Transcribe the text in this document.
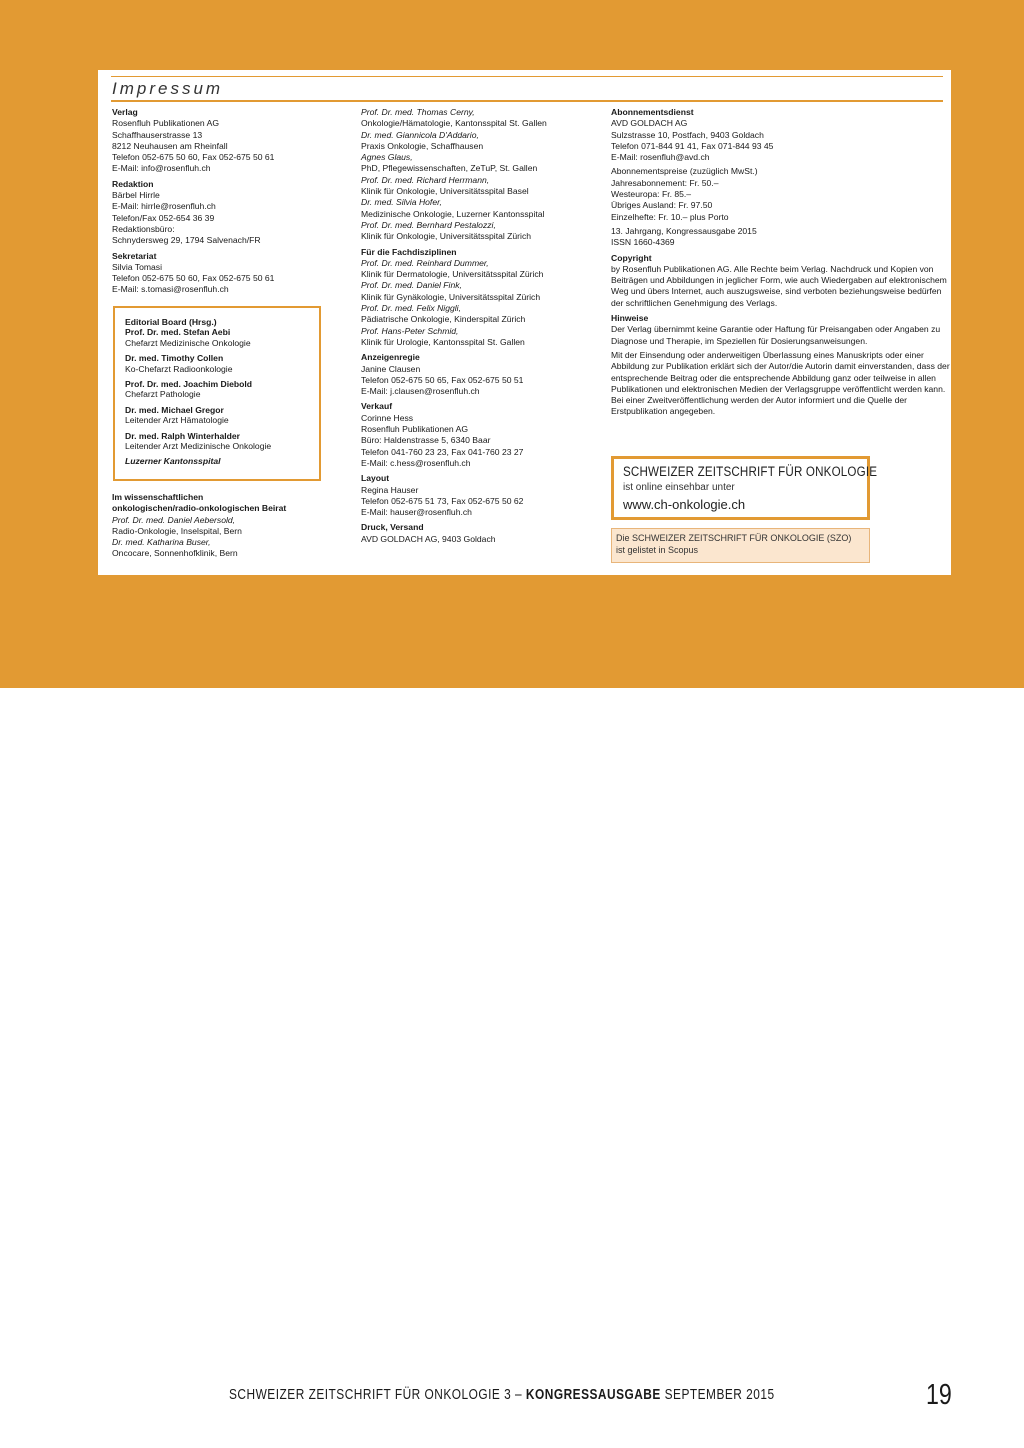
Impressum

Verlag

Rosenfluh Publikationen AG

Schaffhauserstrasse 13

8212 Neuhausen am Rheinfall

Telefon 052-675 50 60, Fax 052-675 50 61

E-Mail: info@rosenfluh.ch

Redaktion

Bärbel Hirrle

E-Mail: hirrle@rosenfluh.ch

Telefon/Fax 052-654 36 39

Redaktionsbüro:

Schnydersweg 29, 1794 Salvenach/FR

Sekretariat

Silvia Tomasi

Telefon 052-675 50 60, Fax 052-675 50 61

E-Mail: s.tomasi@rosenfluh.ch

Editorial Board (Hrsg.)

Prof. Dr. med. Stefan Aebi

Chefarzt Medizinische Onkologie

Dr. med. Timothy Collen

Ko-Chefarzt Radioonkologie

Prof. Dr. med. Joachim Diebold

Chefarzt Pathologie

Dr. med. Michael Gregor

Leitender Arzt Hämatologie

Dr. med. Ralph Winterhalder

Leitender Arzt Medizinische Onkologie

Luzerner Kantonsspital

Im wissenschaftlichen

onkologischen/radio-onkologischen Beirat

Prof. Dr. med. Daniel Aebersold,

Radio-Onkologie, Inselspital, Bern

Dr. med. Katharina Buser,

Oncocare, Sonnenhofklinik, Bern

Prof. Dr. med. Thomas Cerny,

Onkologie/Hämatologie, Kantonsspital St. Gallen

Dr. med. Giannicola D'Addario,

Praxis Onkologie, Schaffhausen

Agnes Glaus,

PhD, Pflegewissenschaften, ZeTuP, St. Gallen

Prof. Dr. med. Richard Herrmann,

Klinik für Onkologie, Universitätsspital Basel

Dr. med. Silvia Hofer,

Medizinische Onkologie, Luzerner Kantonsspital

Prof. Dr. med. Bernhard Pestalozzi,

Klinik für Onkologie, Universitätsspital Zürich

Für die Fachdisziplinen

Prof. Dr. med. Reinhard Dummer,

Klinik für Dermatologie, Universitätsspital Zürich

Prof. Dr. med. Daniel Fink,

Klinik für Gynäkologie, Universitätsspital Zürich

Prof. Dr. med. Felix Niggli,

Pädiatrische Onkologie, Kinderspital Zürich

Prof. Hans-Peter Schmid,

Klinik für Urologie, Kantonsspital St. Gallen

Anzeigenregie

Janine Clausen

Telefon 052-675 50 65, Fax 052-675 50 51

E-Mail: j.clausen@rosenfluh.ch

Verkauf

Corinne Hess

Rosenfluh Publikationen AG

Büro: Haldenstrasse 5, 6340 Baar

Telefon 041-760 23 23, Fax 041-760 23 27

E-Mail: c.hess@rosenfluh.ch

Layout

Regina Hauser

Telefon 052-675 51 73, Fax 052-675 50 62

E-Mail: hauser@rosenfluh.ch

Druck, Versand

AVD GOLDACH AG, 9403 Goldach

Abonnementsdienst

AVD GOLDACH AG

Sulzstrasse 10, Postfach, 9403 Goldach

Telefon 071-844 91 41, Fax 071-844 93 45

E-Mail: rosenfluh@avd.ch

Abonnementspreise (zuzüglich MwSt.)

Jahresabonnement: Fr. 50.–

Westeuropa: Fr. 85.–

Übriges Ausland: Fr. 97.50

Einzelhefte: Fr. 10.– plus Porto

13. Jahrgang, Kongressausgabe 2015

ISSN 1660-4369

Copyright

by Rosenfluh Publikationen AG. Alle Rechte beim Verlag. Nachdruck und Kopien von Beiträgen und Abbildungen in jeglicher Form, wie auch Wiedergaben auf elektronischem Weg und übers Internet, auch auszugsweise, sind verboten beziehungsweise bedürfen der schriftlichen Genehmigung des Verlags.

Hinweise

Der Verlag übernimmt keine Garantie oder Haftung für Preisangaben oder Angaben zu Diagnose und Therapie, im Speziellen für Dosierungsanweisungen.

Mit der Einsendung oder anderweitigen Überlassung eines Manuskripts oder einer Abbildung zur Publikation erklärt sich der Autor/die Autorin damit einverstanden, dass der entsprechende Beitrag oder die entsprechende Abbildung ganz oder teilweise in allen Publikationen und elektronischen Medien der Verlagsgruppe veröffentlicht werden kann. Bei einer Zweitveröffentlichung werden der Autor informiert und die Quelle der Erstpublikation angegeben.

SCHWEIZER ZEITSCHRIFT FÜR ONKOLOGIE
ist online einsehbar unter
www.ch-onkologie.ch
Die SCHWEIZER ZEITSCHRIFT FÜR ONKOLOGIE (SZO)
ist gelistet in Scopus
SCHWEIZER ZEITSCHRIFT FÜR ONKOLOGIE 3 – KONGRESSAUSGABE SEPTEMBER 2015	19
